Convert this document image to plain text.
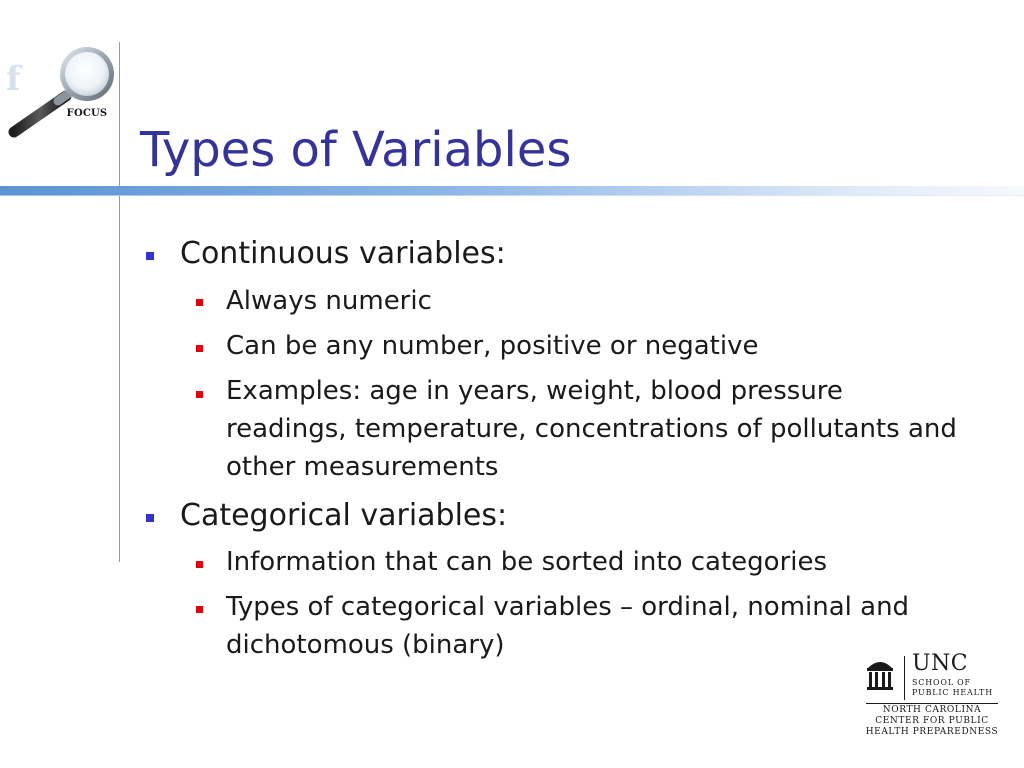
f
FOCUS
Types of Variables
Continuous variables:
Always numeric
Can be any number, positive or negative
Examples: age in years, weight, blood pressure readings, temperature, concentrations of pollutants and other measurements
Categorical variables:
Information that can be sorted into categories
Types of categorical variables – ordinal, nominal and dichotomous (binary)
UNC
SCHOOL OF
PUBLIC HEALTH
NORTH CAROLINA
CENTER FOR PUBLIC
HEALTH PREPAREDNESS
